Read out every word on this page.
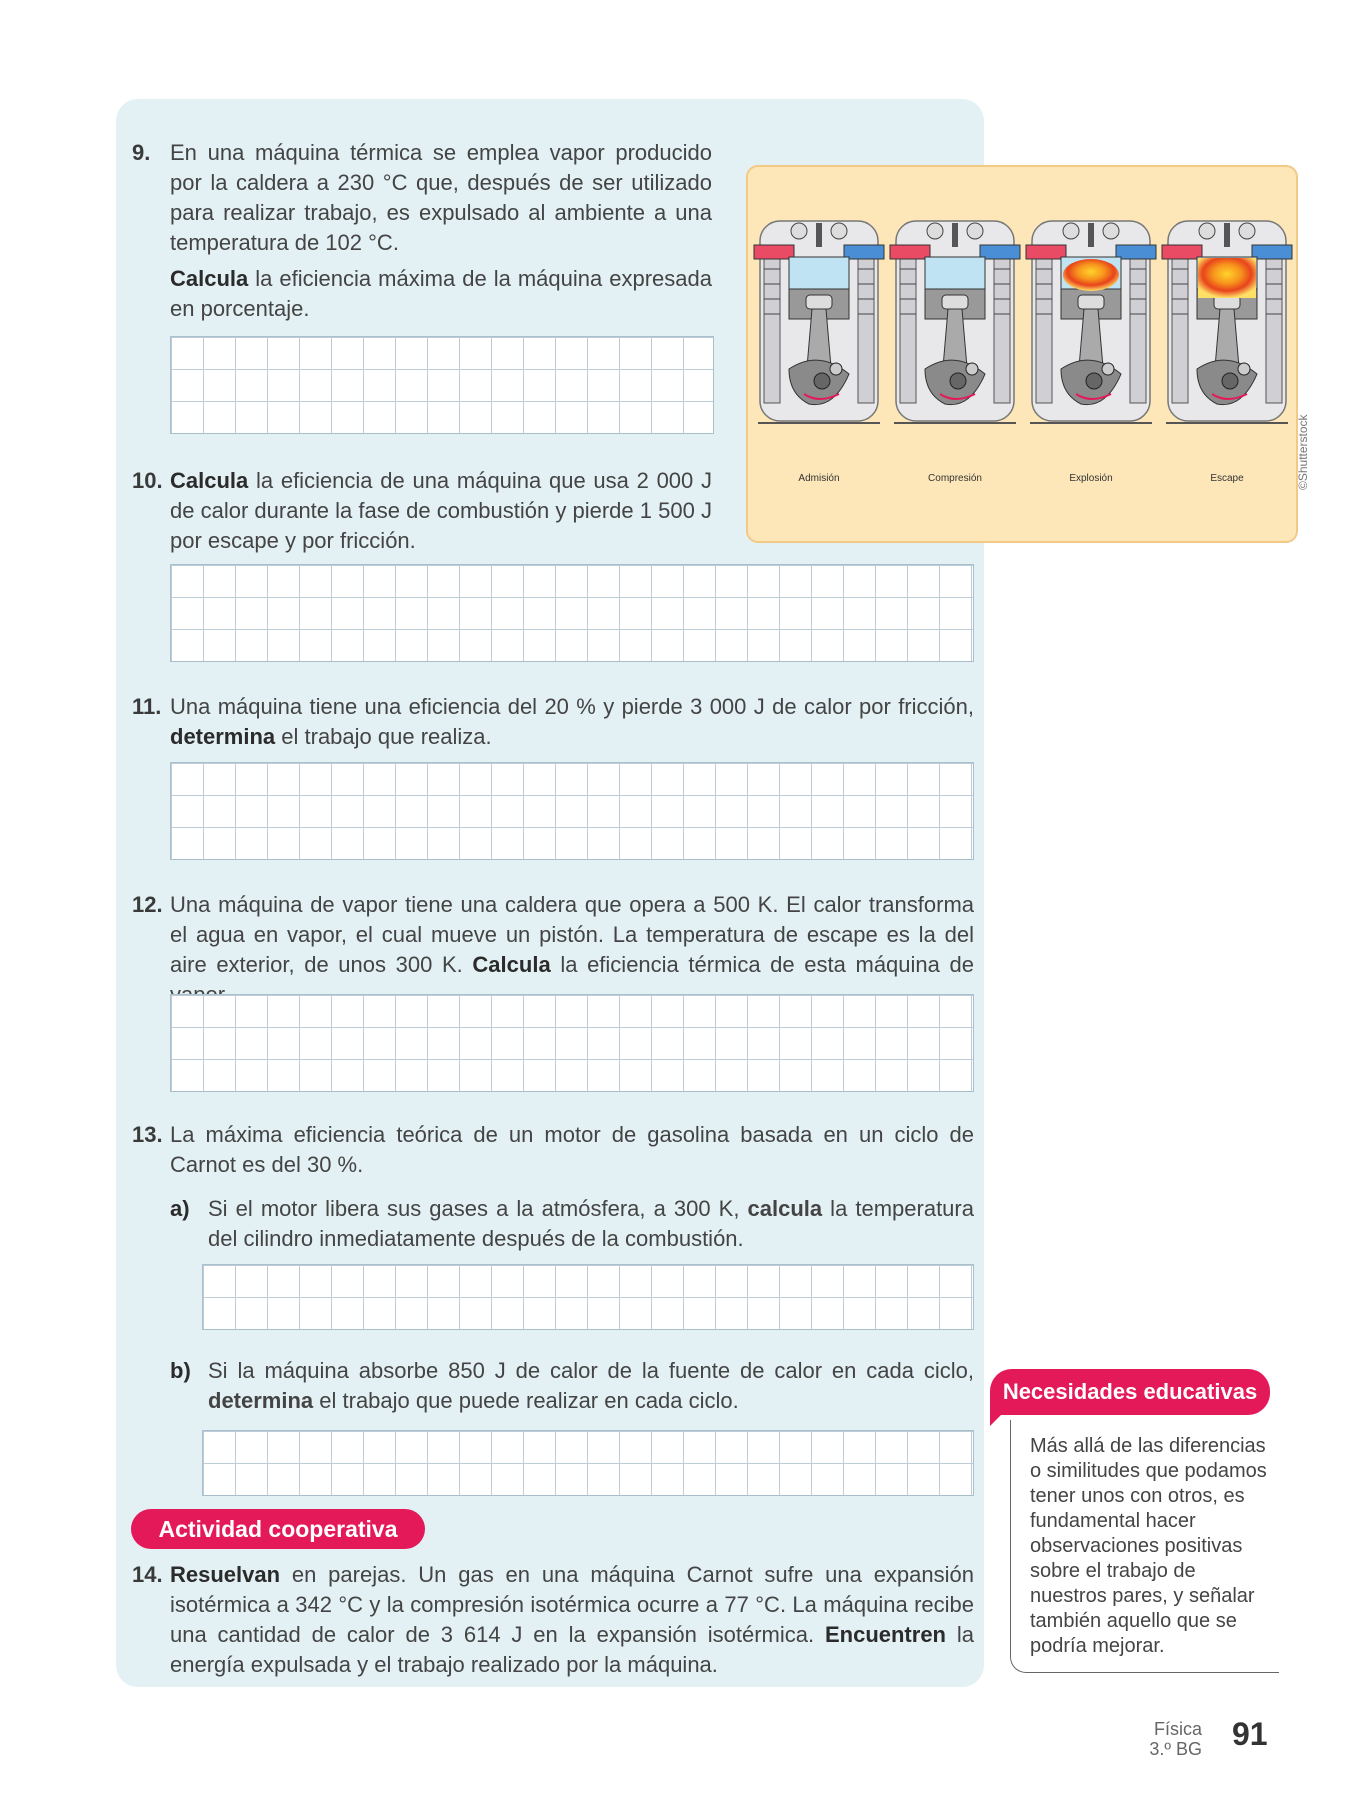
9. En una máquina térmica se emplea vapor producido por la caldera a 230 °C que, después de ser utilizado para realizar trabajo, es expulsado al ambiente a una temperatura de 102 °C.

Calcula la eficiencia máxima de la máquina expresada en porcentaje.

Admisión	Compresión	Explosión	Escape	©Shutterstock
10. Calcula la eficiencia de una máquina que usa 2 000 J de calor durante la fase de combustión y pierde 1 500 J por escape y por fricción.

11. Una máquina tiene una eficiencia del 20 % y pierde 3 000 J de calor por fricción, determina el trabajo que realiza.

12. Una máquina de vapor tiene una caldera que opera a 500 K. El calor transforma el agua en vapor, el cual mueve un pistón. La temperatura de escape es la del aire exterior, de unos 300 K. Calcula la eficiencia térmica de esta máquina de

13. La máxima eficiencia teórica de un motor de gasolina basada en un ciclo de Carnot es del 30 %.

a) Si el motor libera sus gases a la atmósfera, a 300 K, calcula la temperatura del cilindro inmediatamente después de la combustión.
b) Si la máquina absorbe 850 J de calor de la fuente de calor en cada ciclo, determina el trabajo que puede realizar en cada ciclo.
Actividad cooperativa
14. Resuelvan en parejas. Un gas en una máquina Carnot sufre una expansión isotérmica a 342 °C y la compresión isotérmica ocurre a 77 °C. La máquina recibe una cantidad de calor de 3 614 J en la expansión isotérmica. Encuentren la energía expulsada y el trabajo realizado por la máquina.

Necesidades educativas
Más allá de las diferencias o similitudes que podamos tener unos con otros, es fundamental hacer observaciones positivas sobre el trabajo de nuestros pares, y señalar también aquello que se podría mejorar.
Física
3.º BG 91
